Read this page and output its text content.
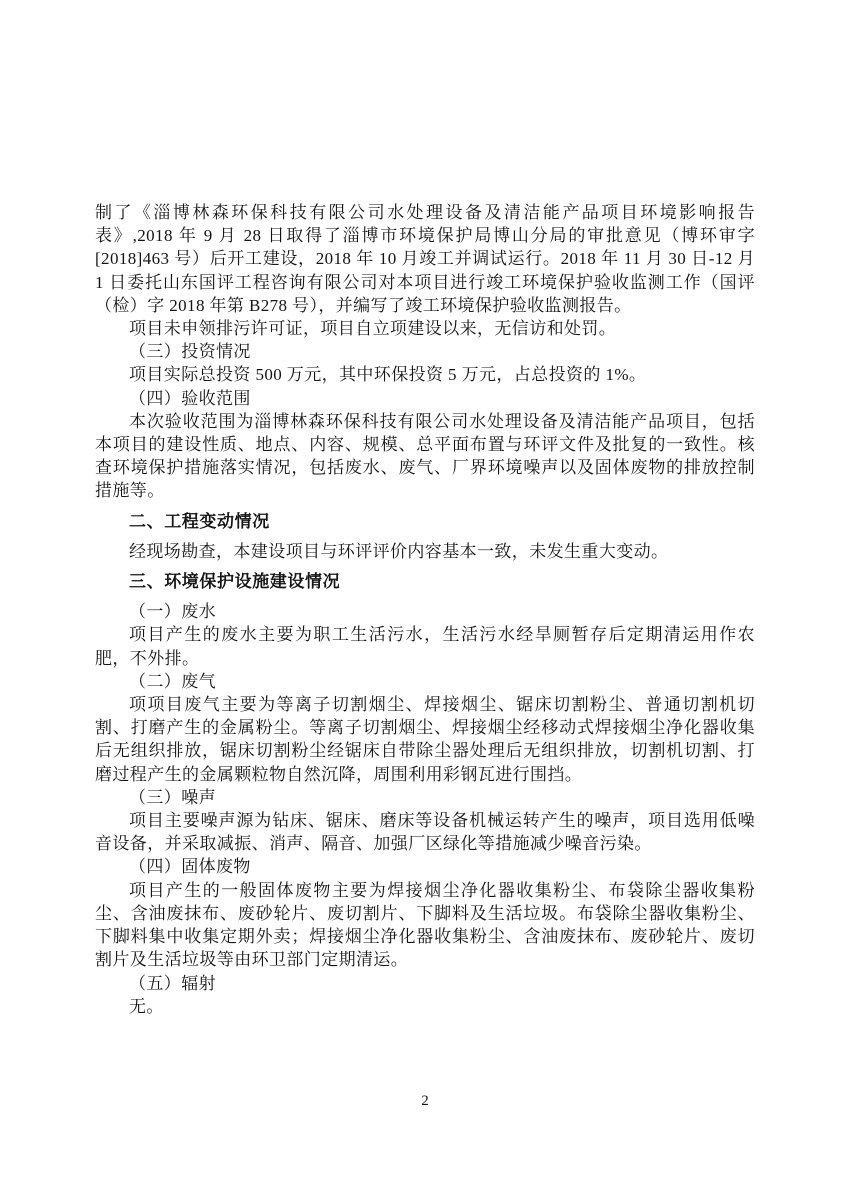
制了《淄博林森环保科技有限公司水处理设备及清洁能产品项目环境影响报告表》,2018 年 9 月 28 日取得了淄博市环境保护局博山分局的审批意见（博环审字[2018]463 号）后开工建设，2018 年 10 月竣工并调试运行。2018 年 11 月 30 日-12 月 1 日委托山东国评工程咨询有限公司对本项目进行竣工环境保护验收监测工作（国评（检）字 2018 年第 B278 号），并编写了竣工环境保护验收监测报告。

项目未申领排污许可证，项目自立项建设以来，无信访和处罚。

（三）投资情况

项目实际总投资 500 万元，其中环保投资 5 万元，占总投资的 1%。

（四）验收范围

本次验收范围为淄博林森环保科技有限公司水处理设备及清洁能产品项目，包括本项目的建设性质、地点、内容、规模、总平面布置与环评文件及批复的一致性。核查环境保护措施落实情况，包括废水、废气、厂界环境噪声以及固体废物的排放控制措施等。

二、工程变动情况

经现场勘查，本建设项目与环评评价内容基本一致，未发生重大变动。

三、环境保护设施建设情况

（一）废水

项目产生的废水主要为职工生活污水，生活污水经旱厕暂存后定期清运用作农肥，不外排。

（二）废气

项项目废气主要为等离子切割烟尘、焊接烟尘、锯床切割粉尘、普通切割机切割、打磨产生的金属粉尘。等离子切割烟尘、焊接烟尘经移动式焊接烟尘净化器收集后无组织排放，锯床切割粉尘经锯床自带除尘器处理后无组织排放，切割机切割、打磨过程产生的金属颗粒物自然沉降，周围利用彩钢瓦进行围挡。

（三）噪声

项目主要噪声源为钻床、锯床、磨床等设备机械运转产生的噪声，项目选用低噪音设备，并采取减振、消声、隔音、加强厂区绿化等措施减少噪音污染。

（四）固体废物

项目产生的一般固体废物主要为焊接烟尘净化器收集粉尘、布袋除尘器收集粉尘、含油废抹布、废砂轮片、废切割片、下脚料及生活垃圾。布袋除尘器收集粉尘、下脚料集中收集定期外卖；焊接烟尘净化器收集粉尘、含油废抹布、废砂轮片、废切割片及生活垃圾等由环卫部门定期清运。

（五）辐射

无。

2
